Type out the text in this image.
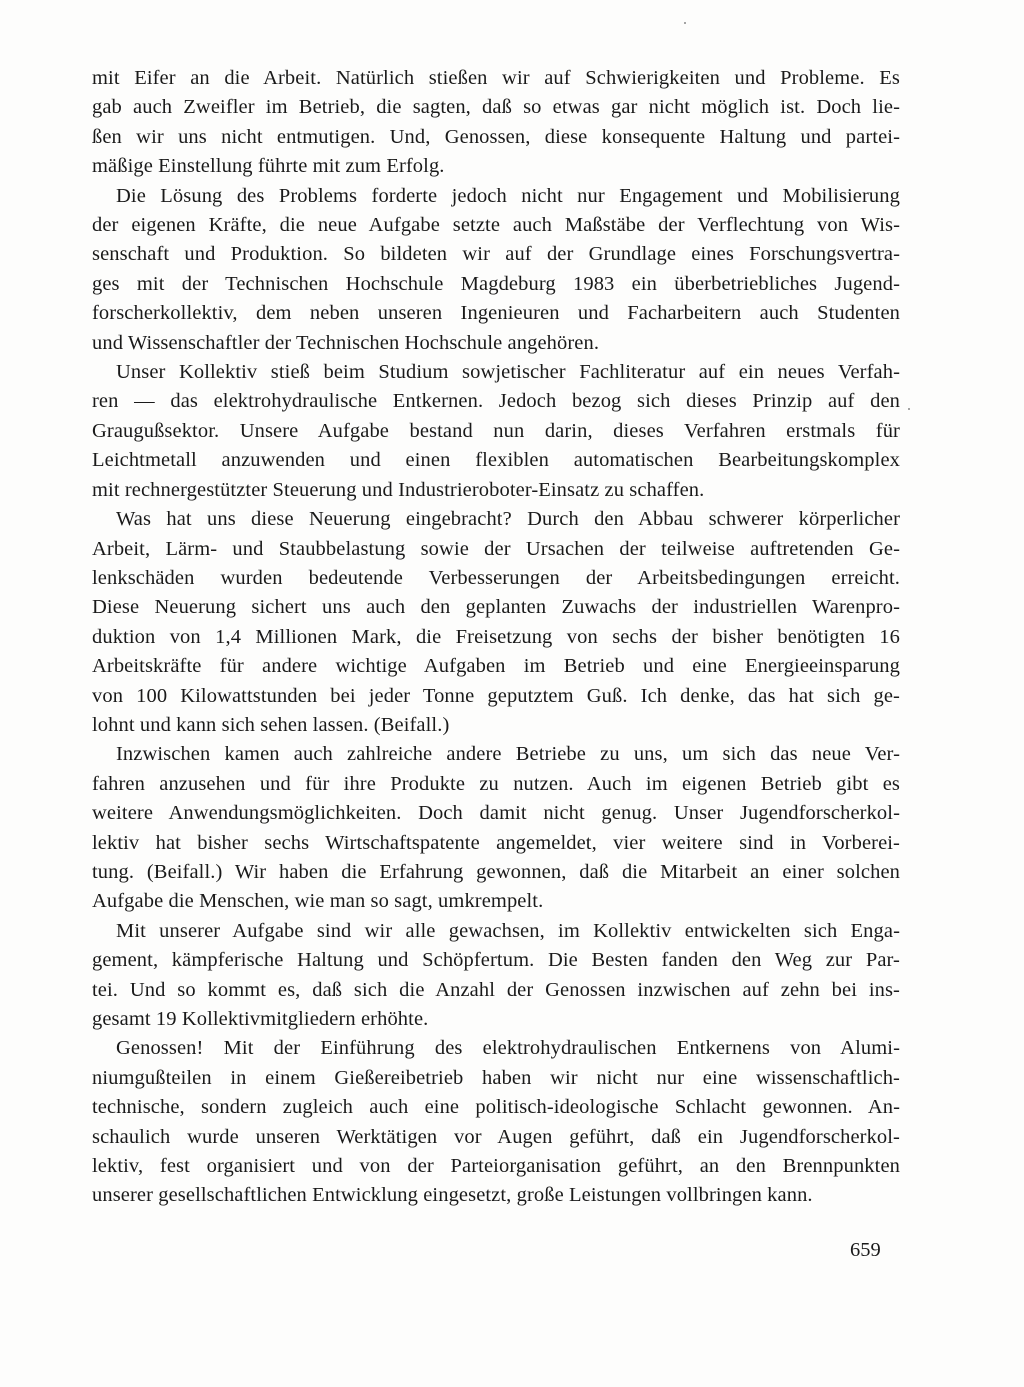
mit Eifer an die Arbeit. Natürlich stießen wir auf Schwierigkeiten und Probleme. Es
gab auch Zweifler im Betrieb, die sagten, daß so etwas gar nicht möglich ist. Doch lie-
ßen wir uns nicht entmutigen. Und, Genossen, diese konsequente Haltung und partei-
mäßige Einstellung führte mit zum Erfolg.

Die Lösung des Problems forderte jedoch nicht nur Engagement und Mobilisierung
der eigenen Kräfte, die neue Aufgabe setzte auch Maßstäbe der Verflechtung von Wis-
senschaft und Produktion. So bildeten wir auf der Grundlage eines Forschungsvertra-
ges mit der Technischen Hochschule Magdeburg 1983 ein überbetriebliches Jugend-
forscherkollektiv, dem neben unseren Ingenieuren und Facharbeitern auch Studenten
und Wissenschaftler der Technischen Hochschule angehören.

Unser Kollektiv stieß beim Studium sowjetischer Fachliteratur auf ein neues Verfah-
ren — das elektrohydraulische Entkernen. Jedoch bezog sich dieses Prinzip auf den
Graugußsektor. Unsere Aufgabe bestand nun darin, dieses Verfahren erstmals für
Leichtmetall anzuwenden und einen flexiblen automatischen Bearbeitungskomplex
mit rechnergestützter Steuerung und Industrieroboter-Einsatz zu schaffen.

Was hat uns diese Neuerung eingebracht? Durch den Abbau schwerer körperlicher
Arbeit, Lärm- und Staubbelastung sowie der Ursachen der teilweise auftretenden Ge-
lenkschäden wurden bedeutende Verbesserungen der Arbeitsbedingungen erreicht.
Diese Neuerung sichert uns auch den geplanten Zuwachs der industriellen Warenpro-
duktion von 1,4 Millionen Mark, die Freisetzung von sechs der bisher benötigten 16
Arbeitskräfte für andere wichtige Aufgaben im Betrieb und eine Energieeinsparung
von 100 Kilowattstunden bei jeder Tonne geputztem Guß. Ich denke, das hat sich ge-
lohnt und kann sich sehen lassen. (Beifall.)

Inzwischen kamen auch zahlreiche andere Betriebe zu uns, um sich das neue Ver-
fahren anzusehen und für ihre Produkte zu nutzen. Auch im eigenen Betrieb gibt es
weitere Anwendungsmöglichkeiten. Doch damit nicht genug. Unser Jugendforscherkol-
lektiv hat bisher sechs Wirtschaftspatente angemeldet, vier weitere sind in Vorberei-
tung. (Beifall.) Wir haben die Erfahrung gewonnen, daß die Mitarbeit an einer solchen
Aufgabe die Menschen, wie man so sagt, umkrempelt.

Mit unserer Aufgabe sind wir alle gewachsen, im Kollektiv entwickelten sich Enga-
gement, kämpferische Haltung und Schöpfertum. Die Besten fanden den Weg zur Par-
tei. Und so kommt es, daß sich die Anzahl der Genossen inzwischen auf zehn bei ins-
gesamt 19 Kollektivmitgliedern erhöhte.

Genossen! Mit der Einführung des elektrohydraulischen Entkernens von Alumi-
niumgußteilen in einem Gießereibetrieb haben wir nicht nur eine wissenschaftlich-
technische, sondern zugleich auch eine politisch-ideologische Schlacht gewonnen. An-
schaulich wurde unseren Werktätigen vor Augen geführt, daß ein Jugendforscherkol-
lektiv, fest organisiert und von der Parteiorganisation geführt, an den Brennpunkten
unserer gesellschaftlichen Entwicklung eingesetzt, große Leistungen vollbringen kann.

659
